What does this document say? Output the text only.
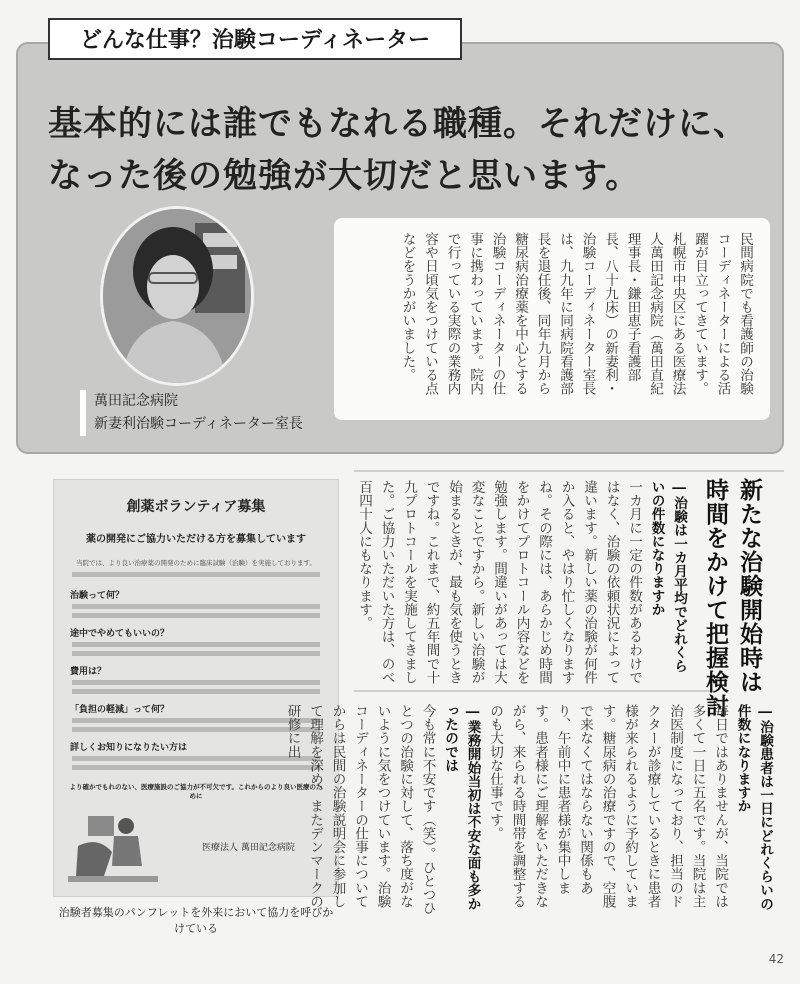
どんな仕事？治験コーディネーター
基本的には誰でもなれる職種。それだけに、
なった後の勉強が大切だと思います。
萬田記念病院
新妻利治験コーディネーター室長
民間病院でも看護師の治験コーディネーターによる活躍が目立ってきています。札幌市中央区にある医療法人萬田記念病院（萬田直紀理事長・鎌田恵子看護部長、八十九床）の新妻利・治験コーディネーター室長は、九九年に同病院看護部長を退任後、同年九月から糖尿病治療薬を中心とする治験コーディネーターの仕事に携わっています。院内で行っている実際の業務内容や日頃気をつけている点などをうかがいました。
創薬ボランティア募集
薬の開発にご協力いただける方を募集しています
当院では、より良い治療薬の開発のために臨床試験（治験）を実施しております。
治験って何？
途中でやめてもいいの？
費用は？
「負担の軽減」って何？
詳しくお知りになりたい方は
より確かでもれのない、医療施設のご協力が不可欠です。これからのより良い医療のために
医療法人 萬田記念病院
治験者募集のパンフレットを外来において協力を呼びかけている
新たな治験開始時は
時間をかけて把握検討
―治験は一カ月平均でどれくらいの件数になりますか
一カ月に一定の件数があるわけではなく、治験の依頼状況によって違います。新しい薬の治験が何件か入ると、やはり忙しくなりますね。その際には、あらかじめ時間をかけてプロトコール内容などを勉強します。間違いがあっては大変なことですから。新しい治験が始まるときが、最も気を使うときですね。これまで、約五年間で十九プロトコールを実施してきました。ご協力いただいた方は、のべ百四十人にもなります。
―治験患者は一日にどれくらいの件数になりますか
毎日ではありませんが、当院では多くて一日に五名です。当院は主治医制度になっており、担当のドクターが診療しているときに患者様が来られるように予約しています。糖尿病の治療ですので、空腹で来なくてはならない関係もあり、午前中に患者様が集中します。患者様にご理解をいただきながら、来られる時間帯を調整するのも大切な仕事です。
―業務開始当初は不安な面も多かったのでは
今も常に不安です（笑）。ひとつひとつの治験に対して、落ち度がないように気をつけています。治験コーディネーターの仕事についてからは民間の治験説明会に参加して理解を深め、またデンマークの研修に出
42
